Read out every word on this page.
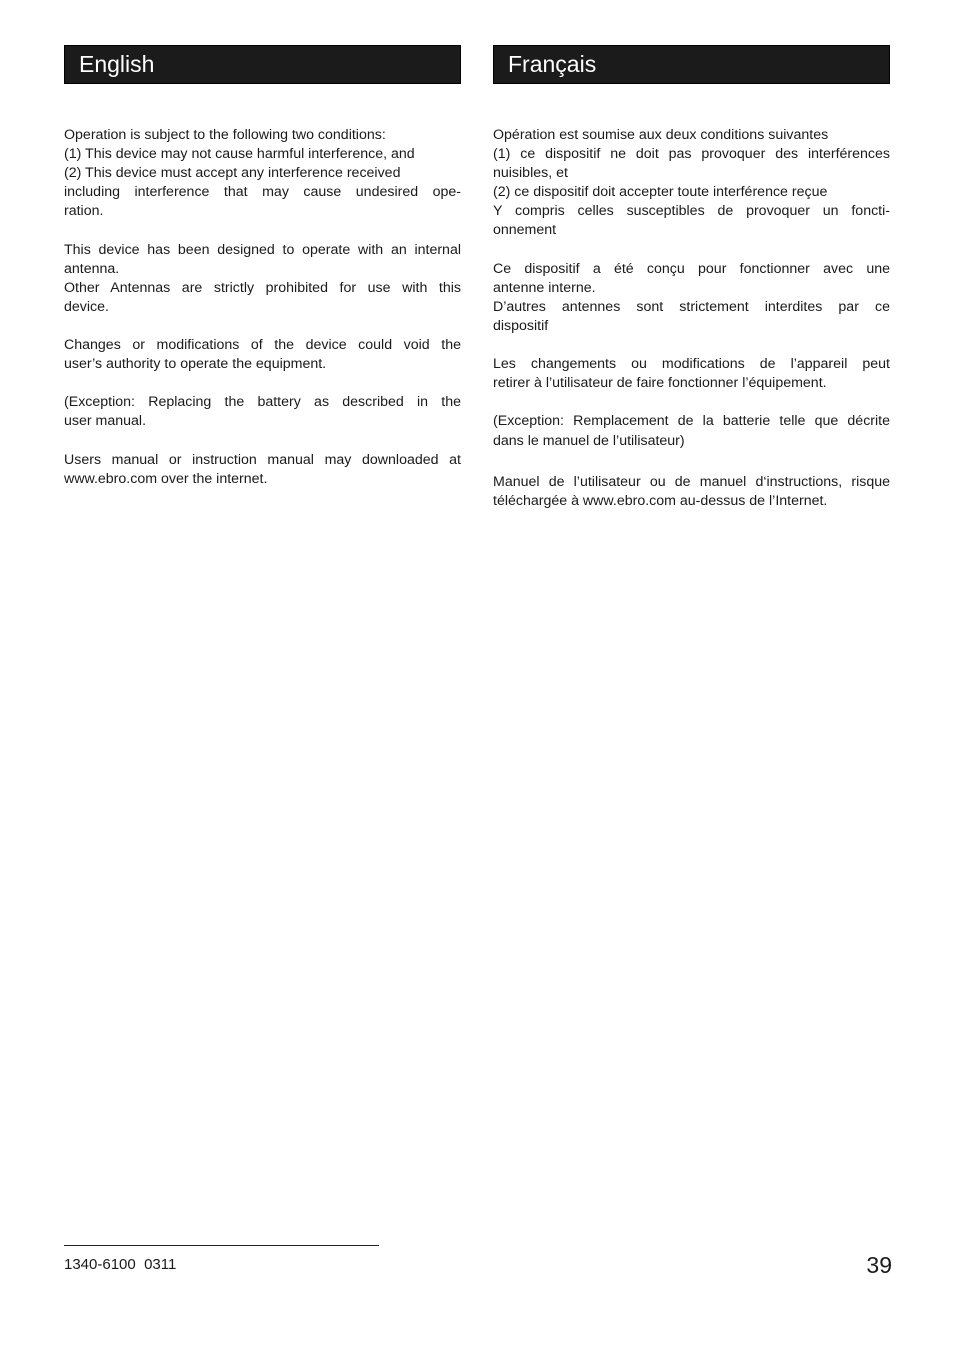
English
Operation is subject to the following two conditions:
(1) This device may not cause harmful interference, and
(2) This device must accept any interference received
including interference that may cause undesired ope-
ration.
This device has been designed to operate with an internal
antenna.
Other Antennas are strictly prohibited for use with this
device.
Changes or modifications of the device could void the
user’s authority to operate the equipment.
(Exception: Replacing the battery as described in the
user manual.
Users manual or instruction manual may downloaded at
www.ebro.com over the internet.
Français
Opération est soumise aux deux conditions suivantes
(1) ce dispositif ne doit pas provoquer des interférences
nuisibles, et
(2) ce dispositif doit accepter toute interférence reçue
Y compris celles susceptibles de provoquer un foncti-
onnement
Ce dispositif a été conçu pour fonctionner avec une
antenne interne.
D’autres antennes sont strictement interdites par ce
dispositif
Les changements ou modifications de l’appareil peut
retirer à l’utilisateur de faire fonctionner l’équipement.
(Exception: Remplacement de la batterie telle que décrite
dans le manuel de l’utilisateur)
Manuel de l’utilisateur ou de manuel d‘instructions, risque
téléchargée à www.ebro.com au-dessus de l’Internet.
1340-6100  0311	39
